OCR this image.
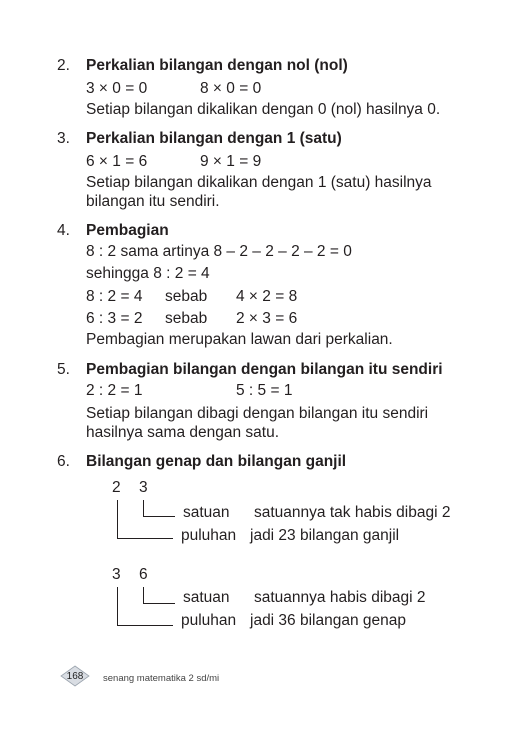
2. Perkalian bilangan dengan nol (nol)
3 × 0 = 0	8 × 0 = 0
Setiap bilangan dikalikan dengan 0 (nol) hasilnya 0.
3. Perkalian bilangan dengan 1 (satu)
6 × 1 = 6	9 × 1 = 9
Setiap bilangan dikalikan dengan 1 (satu) hasilnya
bilangan itu sendiri.
4. Pembagian
8 : 2 sama artinya 8 – 2 – 2 – 2 – 2 = 0
sehingga 8 : 2 = 4
8 : 2 = 4 sebab 4 × 2 = 8
6 : 3 = 2 sebab 2 × 3 = 6
Pembagian merupakan lawan dari perkalian.
5. Pembagian bilangan dengan bilangan itu sendiri
2 : 2 = 1	5 : 5 = 1
Setiap bilangan dibagi dengan bilangan itu sendiri
hasilnya sama dengan satu.
6. Bilangan genap dan bilangan ganjil
2 3
satuan satuannya tak habis dibagi 2
puluhan jadi 23 bilangan ganjil
3 6
satuan satuannya habis dibagi 2
puluhan jadi 36 bilangan genap
168 senang matematika 2 sd/mi
